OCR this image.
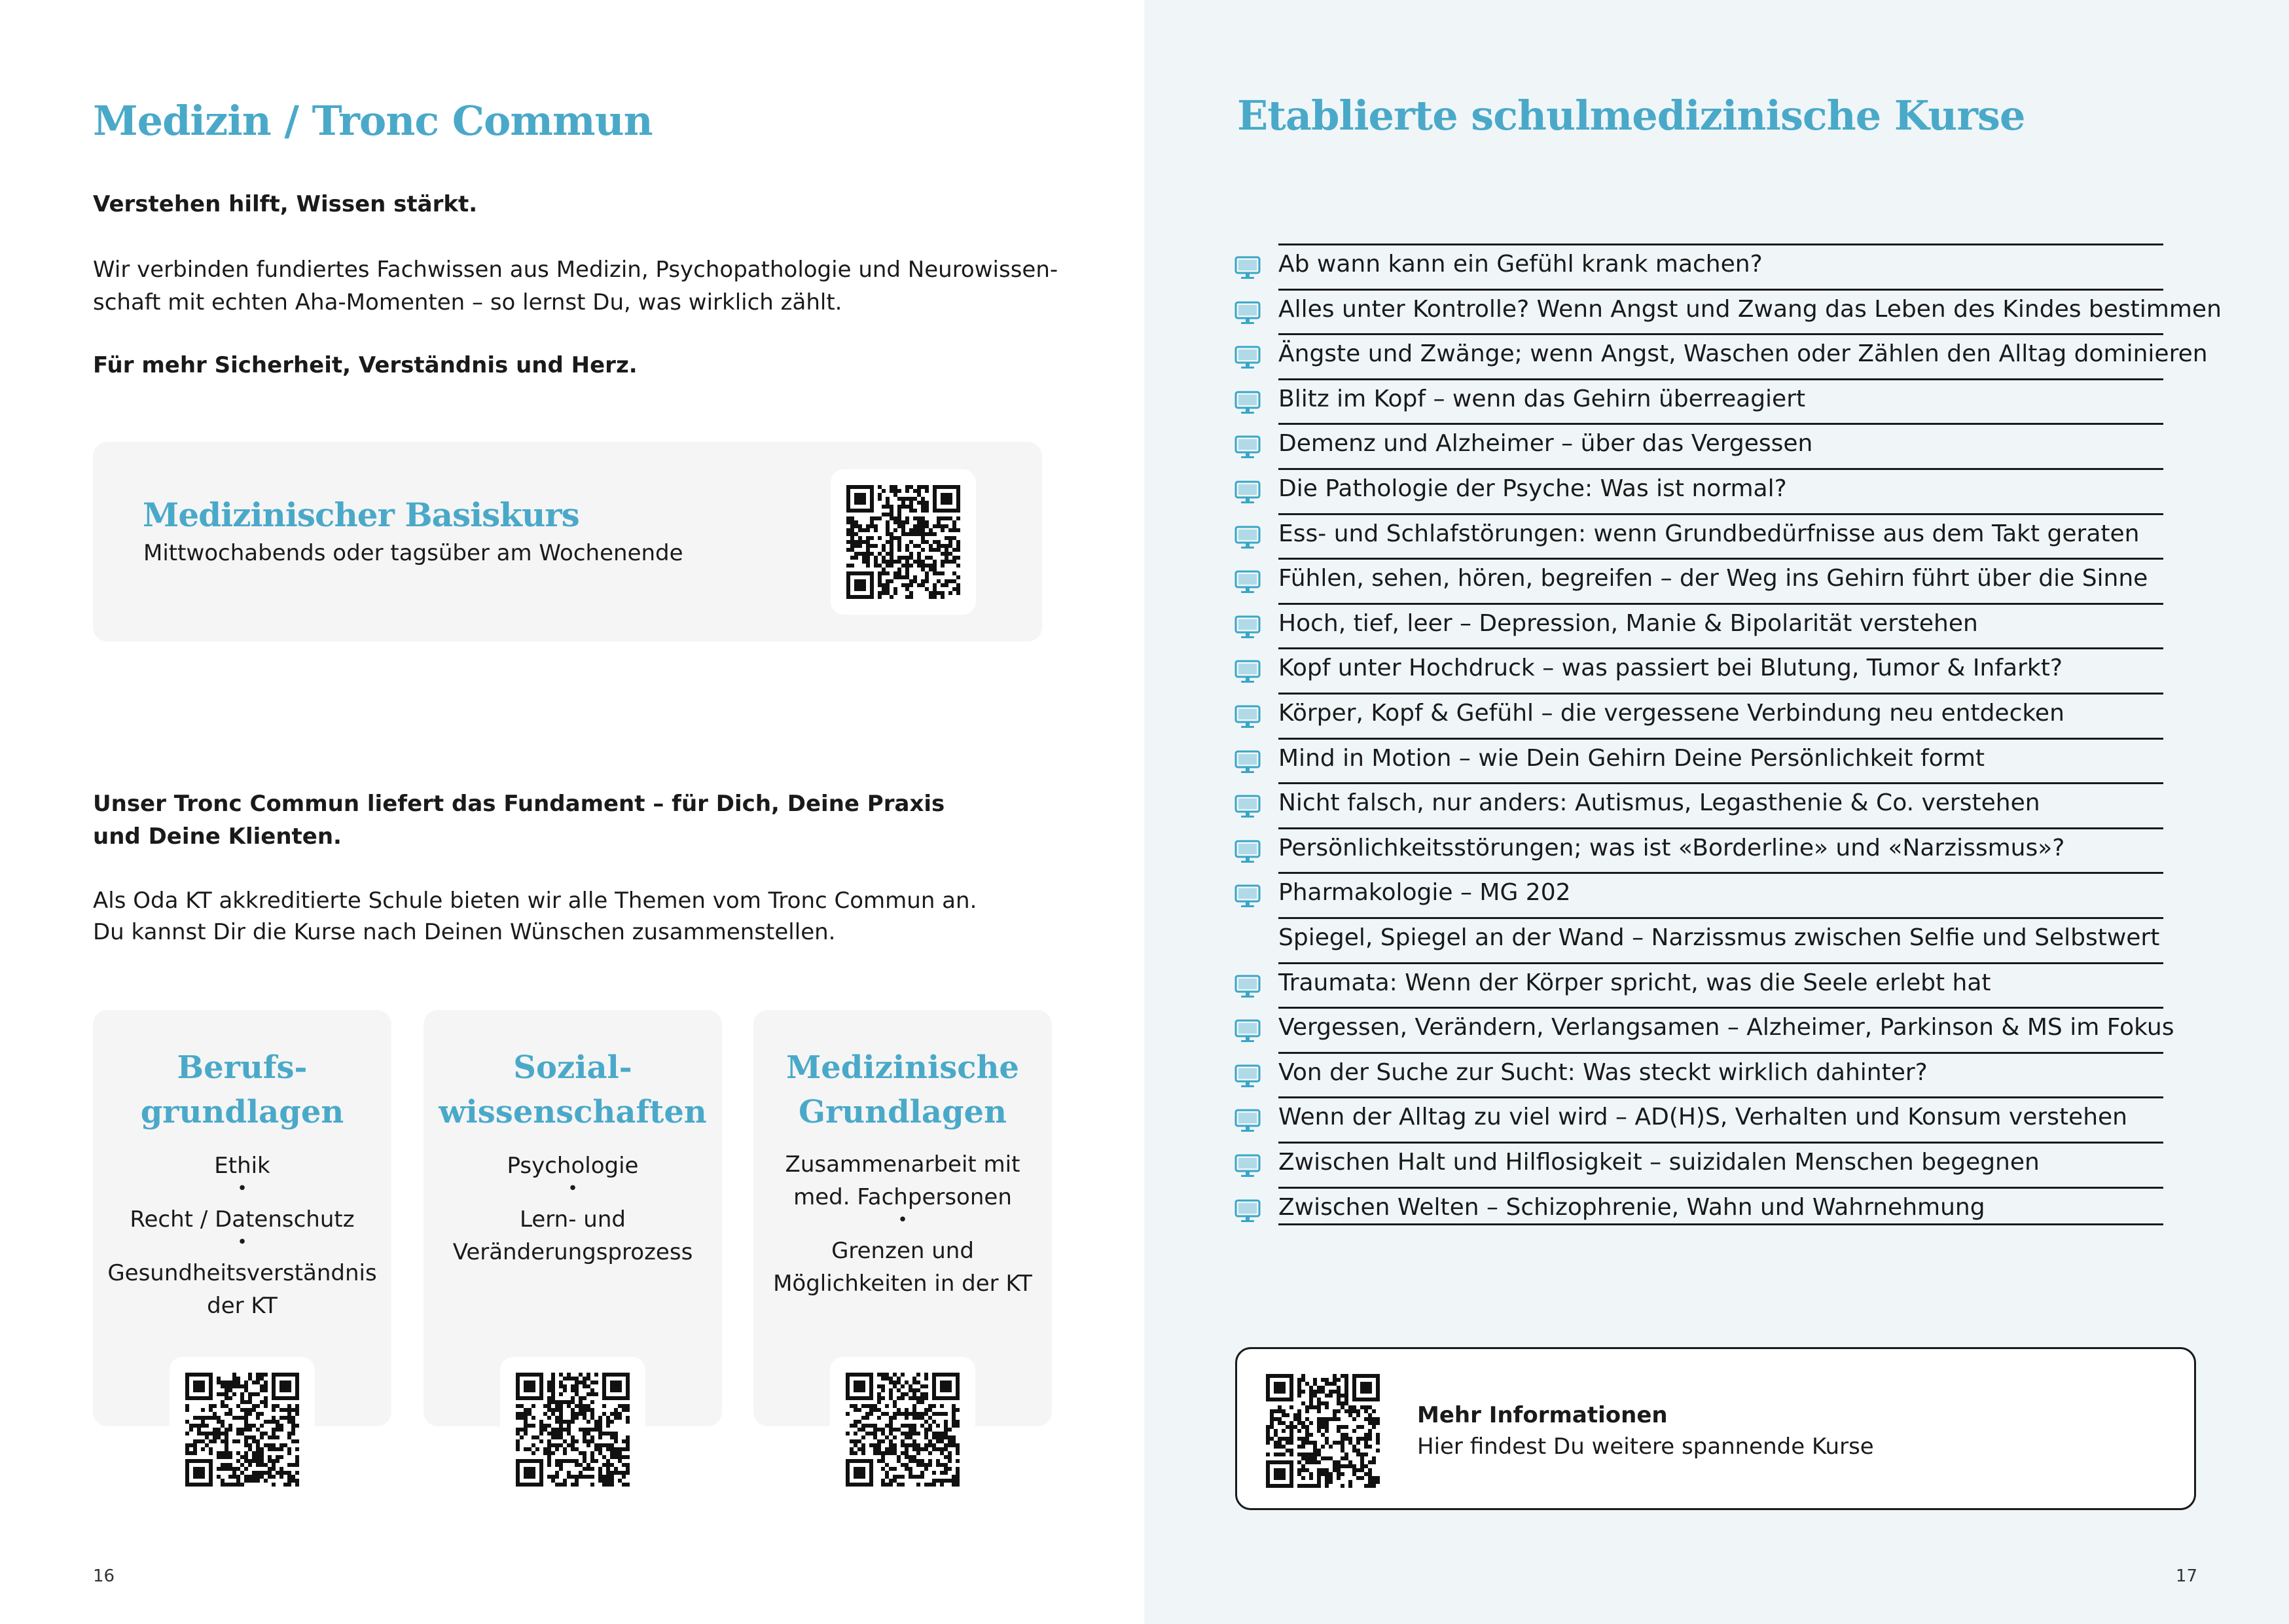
Medizin / Tronc Commun
Verstehen hilft, Wissen stärkt.
Wir verbinden fundiertes Fachwissen aus Medizin, Psychopathologie und Neurowissen-
schaft mit echten Aha-Momenten – so lernst Du, was wirklich zählt.
Für mehr Sicherheit, Verständnis und Herz.
Medizinischer Basiskurs
Mittwochabends oder tagsüber am Wochenende
Unser Tronc Commun liefert das Fundament – für Dich, Deine Praxis
und Deine Klienten.
Als Oda KT akkreditierte Schule bieten wir alle Themen vom Tronc Commun an.
Du kannst Dir die Kurse nach Deinen Wünschen zusammenstellen.
Berufs-
grundlagen
Ethik
•
Recht / Datenschutz
•
Gesundheitsverständnis
der KT
Sozial-
wissenschaften
Psychologie
•
Lern- und
Veränderungsprozess
Medizinische
Grundlagen
Zusammenarbeit mit
med. Fachpersonen
•
Grenzen und
Möglichkeiten in der KT
16
Etablierte schulmedizinische Kurse
Ab wann kann ein Gefühl krank machen?
Alles unter Kontrolle? Wenn Angst und Zwang das Leben des Kindes bestimmen
Ängste und Zwänge; wenn Angst, Waschen oder Zählen den Alltag dominieren
Blitz im Kopf – wenn das Gehirn überreagiert
Demenz und Alzheimer – über das Vergessen
Die Pathologie der Psyche: Was ist normal?
Ess- und Schlafstörungen: wenn Grundbedürfnisse aus dem Takt geraten
Fühlen, sehen, hören, begreifen – der Weg ins Gehirn führt über die Sinne
Hoch, tief, leer – Depression, Manie & Bipolarität verstehen
Kopf unter Hochdruck – was passiert bei Blutung, Tumor & Infarkt?
Körper, Kopf & Gefühl – die vergessene Verbindung neu entdecken
Mind in Motion – wie Dein Gehirn Deine Persönlichkeit formt
Nicht falsch, nur anders: Autismus, Legasthenie & Co. verstehen
Persönlichkeitsstörungen; was ist «Borderline» und «Narzissmus»?
Pharmakologie – MG 202
Spiegel, Spiegel an der Wand – Narzissmus zwischen Selfie und Selbstwert
Traumata: Wenn der Körper spricht, was die Seele erlebt hat
Vergessen, Verändern, Verlangsamen – Alzheimer, Parkinson & MS im Fokus
Von der Suche zur Sucht: Was steckt wirklich dahinter?
Wenn der Alltag zu viel wird – AD(H)S, Verhalten und Konsum verstehen
Zwischen Halt und Hilflosigkeit – suizidalen Menschen begegnen
Zwischen Welten – Schizophrenie, Wahn und Wahrnehmung
Mehr Informationen
Hier findest Du weitere spannende Kurse
17
